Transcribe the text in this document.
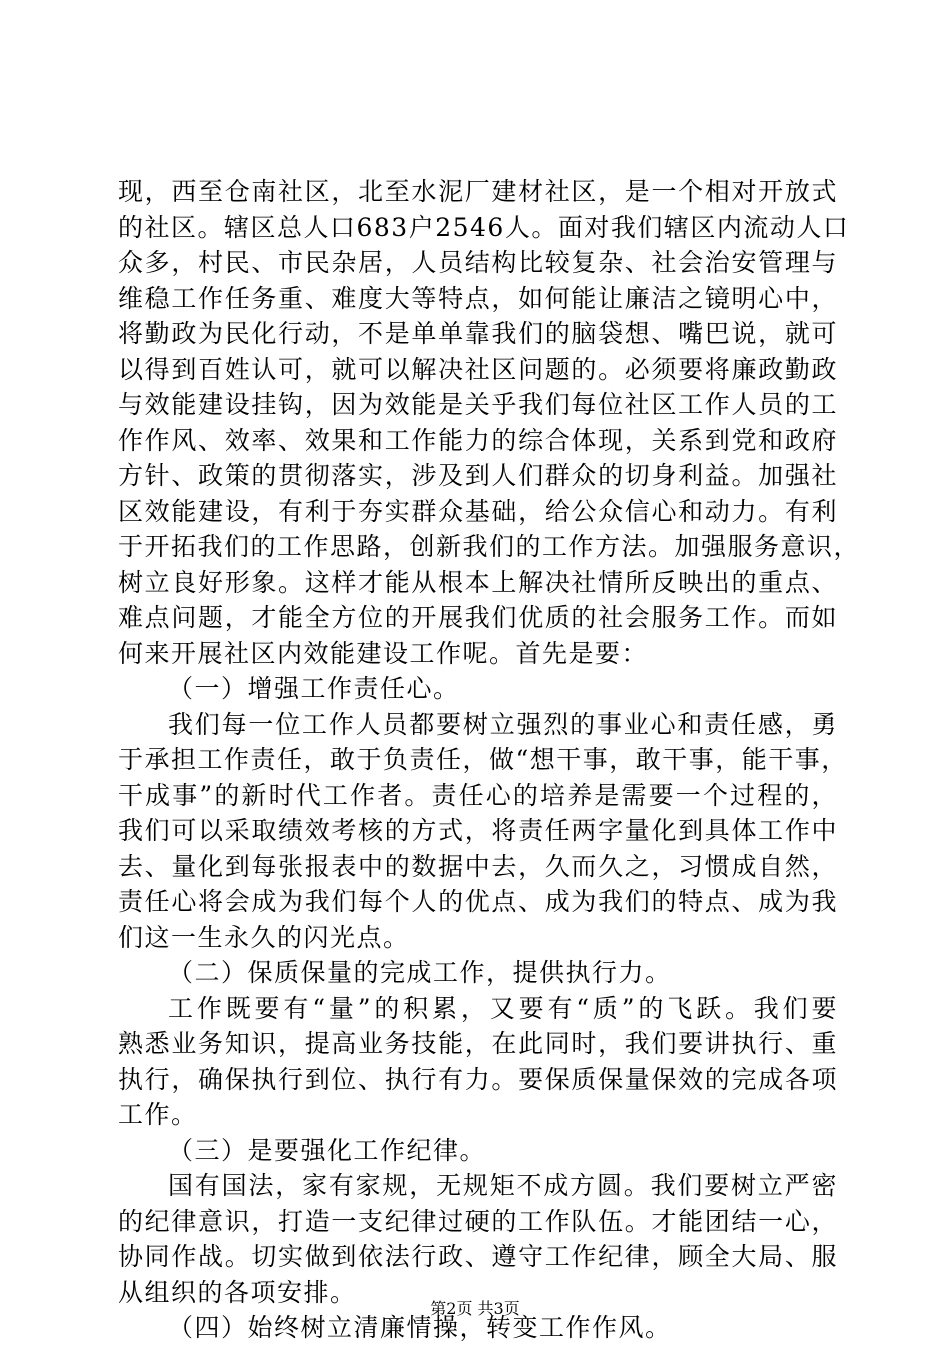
现，西至仓南社区，北至水泥厂建材社区，是一个相对开放式
的社区。辖区总人口683户2546人。面对我们辖区内流动人口
众多，村民、市民杂居，人员结构比较复杂、社会治安管理与
维稳工作任务重、难度大等特点，如何能让廉洁之镜明心中，
将勤政为民化行动，不是单单靠我们的脑袋想、嘴巴说，就可
以得到百姓认可，就可以解决社区问题的。必须要将廉政勤政
与效能建设挂钩，因为效能是关乎我们每位社区工作人员的工
作作风、效率、效果和工作能力的综合体现，关系到党和政府
方针、政策的贯彻落实，涉及到人们群众的切身利益。加强社
区效能建设，有利于夯实群众基础，给公众信心和动力。有利
于开拓我们的工作思路，创新我们的工作方法。加强服务意识，
树立良好形象。这样才能从根本上解决社情所反映出的重点、
难点问题，才能全方位的开展我们优质的社会服务工作。而如
何来开展社区内效能建设工作呢。首先是要：
（一）增强工作责任心。
我们每一位工作人员都要树立强烈的事业心和责任感，勇
于承担工作责任，敢于负责任，做“想干事，敢干事，能干事，
干成事”的新时代工作者。责任心的培养是需要一个过程的，
我们可以采取绩效考核的方式，将责任两字量化到具体工作中
去、量化到每张报表中的数据中去，久而久之，习惯成自然，
责任心将会成为我们每个人的优点、成为我们的特点、成为我
们这一生永久的闪光点。
（二）保质保量的完成工作，提供执行力。
工作既要有“量”的积累，又要有“质”的飞跃。我们要
熟悉业务知识，提高业务技能，在此同时，我们要讲执行、重
执行，确保执行到位、执行有力。要保质保量保效的完成各项
工作。
（三）是要强化工作纪律。
国有国法，家有家规，无规矩不成方圆。我们要树立严密
的纪律意识，打造一支纪律过硬的工作队伍。才能团结一心，
协同作战。切实做到依法行政、遵守工作纪律，顾全大局、服
从组织的各项安排。
（四）始终树立清廉情操，转变工作作风。
第2页 共3页
